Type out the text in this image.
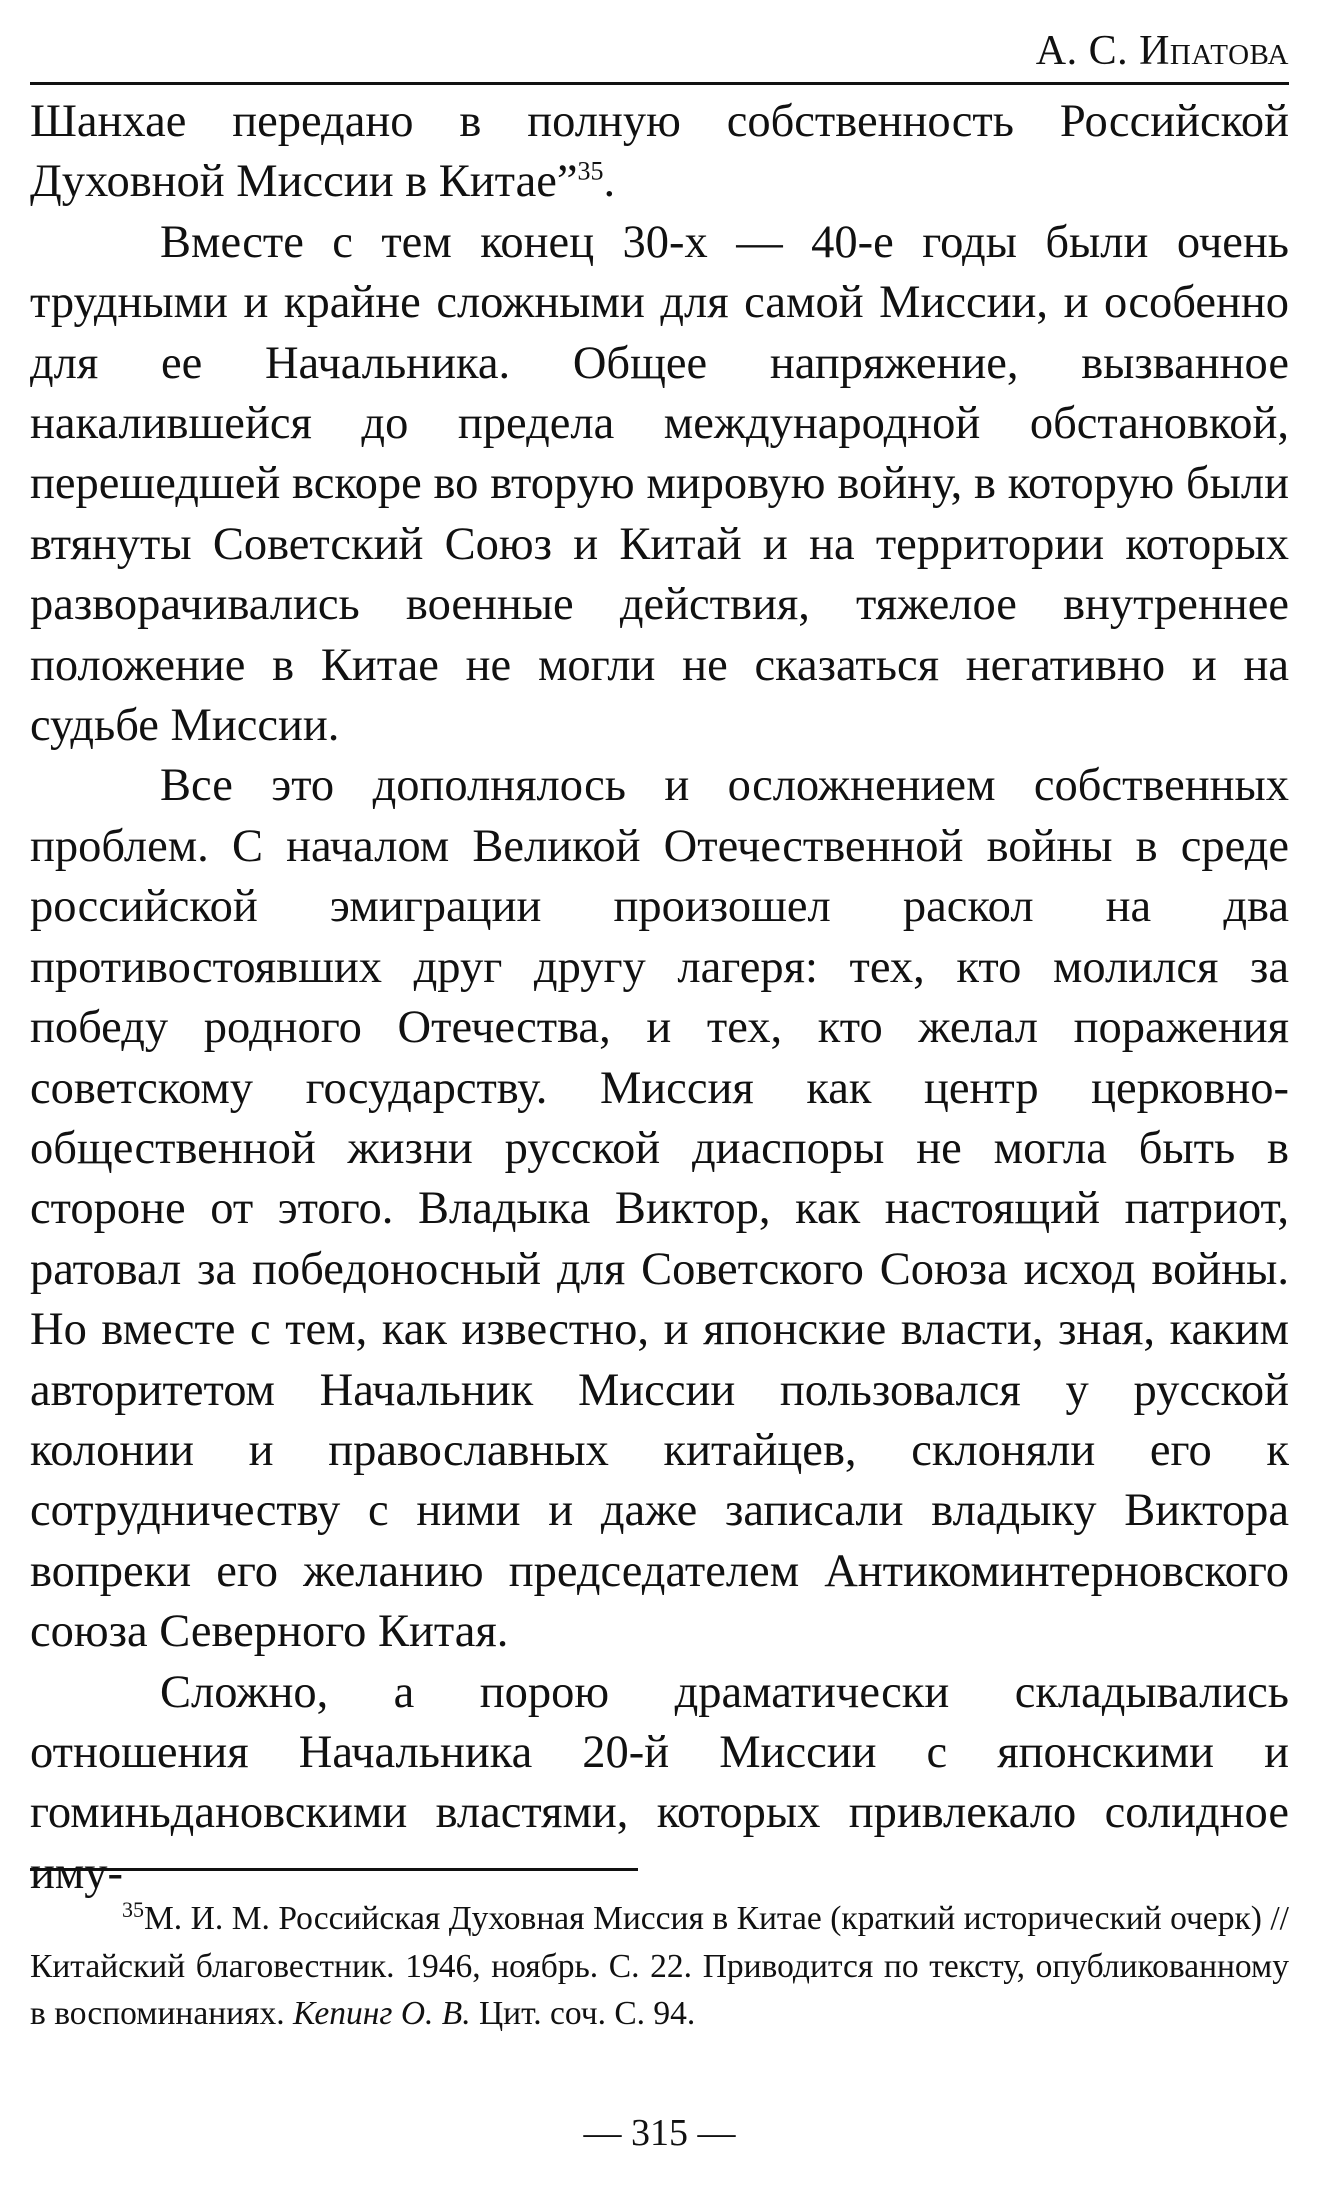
А. С. Ипатова

Шанхае передано в полную собственность Российской Духовной Миссии в Китае”$^{35}$.

Вместе с тем конец 30-х — 40-е годы были очень трудными и крайне сложными для самой Миссии, и особенно для ее Начальника. Общее напряжение, вызванное накалившейся до предела международной обстановкой, перешедшей вскоре во вторую мировую войну, в которую были втянуты Советский Союз и Китай и на территории которых разворачивались военные действия, тяжелое внутреннее положение в Китае не могли не сказаться негативно и на судьбе Миссии.

Все это дополнялось и осложнением собственных проблем. С началом Великой Отечественной войны в среде российской эмиграции произошел раскол на два противостоявших друг другу лагеря: тех, кто молился за победу родного Отечества, и тех, кто желал поражения советскому государству. Миссия как центр церковно-общественной жизни русской диаспоры не могла быть в стороне от этого. Владыка Виктор, как настоящий патриот, ратовал за победоносный для Советского Союза исход войны. Но вместе с тем, как известно, и японские власти, зная, каким авторитетом Начальник Миссии пользовался у русской колонии и православных китайцев, склоняли его к сотрудничеству с ними и даже записали владыку Виктора вопреки его желанию председателем Антикоминтерновского союза Северного Китая.

Сложно, а порою драматически складывались отношения Начальника 20-й Миссии с японскими и гоминьдановскими властями, которых привлекало солидное иму-

$^{35}$М. И. М. Российская Духовная Миссия в Китае (краткий исторический очерк) // Китайский благовестник. 1946, ноябрь. С. 22. Приводится по тексту, опубликованному в воспоминаниях. Кепинг О. В. Цит. соч. С. 94.
— 315 —
